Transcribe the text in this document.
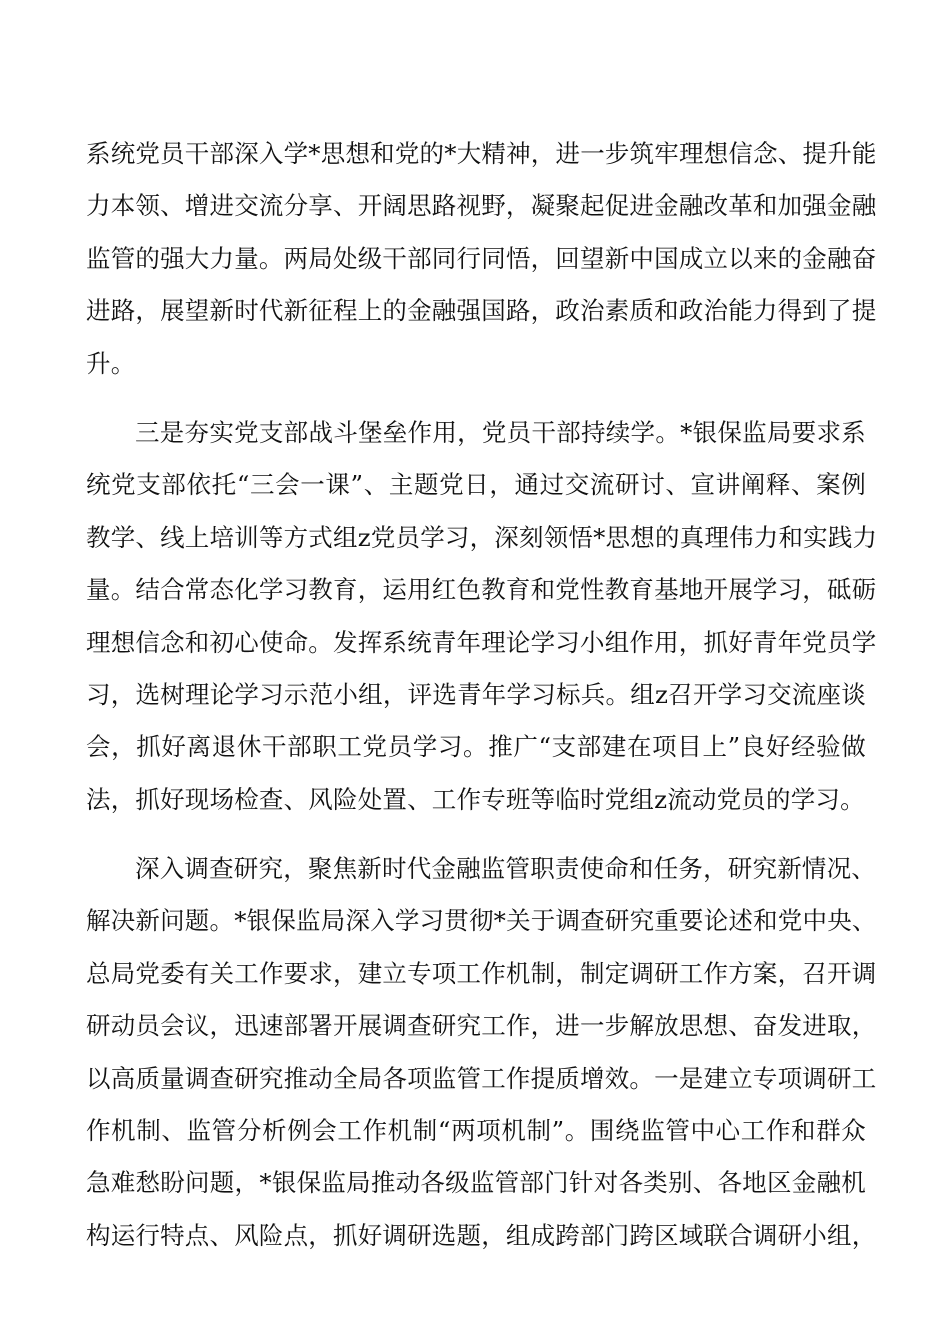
系统党员干部深入学*思想和党的*大精神，进一步筑牢理想信念、提升能
力本领、增进交流分享、开阔思路视野，凝聚起促进金融改革和加强金融
监管的强大力量。两局处级干部同行同悟，回望新中国成立以来的金融奋
进路，展望新时代新征程上的金融强国路，政治素质和政治能力得到了提
升。
三是夯实党支部战斗堡垒作用，党员干部持续学。*银保监局要求系
统党支部依托“三会一课”、主题党日，通过交流研讨、宣讲阐释、案例
教学、线上培训等方式组z党员学习，深刻领悟*思想的真理伟力和实践力
量。结合常态化学习教育，运用红色教育和党性教育基地开展学习，砥砺
理想信念和初心使命。发挥系统青年理论学习小组作用，抓好青年党员学
习，选树理论学习示范小组，评选青年学习标兵。组z召开学习交流座谈
会，抓好离退休干部职工党员学习。推广“支部建在项目上”良好经验做
法，抓好现场检查、风险处置、工作专班等临时党组z流动党员的学习。
深入调查研究，聚焦新时代金融监管职责使命和任务，研究新情况、
解决新问题。*银保监局深入学习贯彻*关于调查研究重要论述和党中央、
总局党委有关工作要求，建立专项工作机制，制定调研工作方案，召开调
研动员会议，迅速部署开展调查研究工作，进一步解放思想、奋发进取，
以高质量调查研究推动全局各项监管工作提质增效。一是建立专项调研工
作机制、监管分析例会工作机制“两项机制”。围绕监管中心工作和群众
急难愁盼问题，*银保监局推动各级监管部门针对各类别、各地区金融机
构运行特点、风险点，抓好调研选题，组成跨部门跨区域联合调研小组，
